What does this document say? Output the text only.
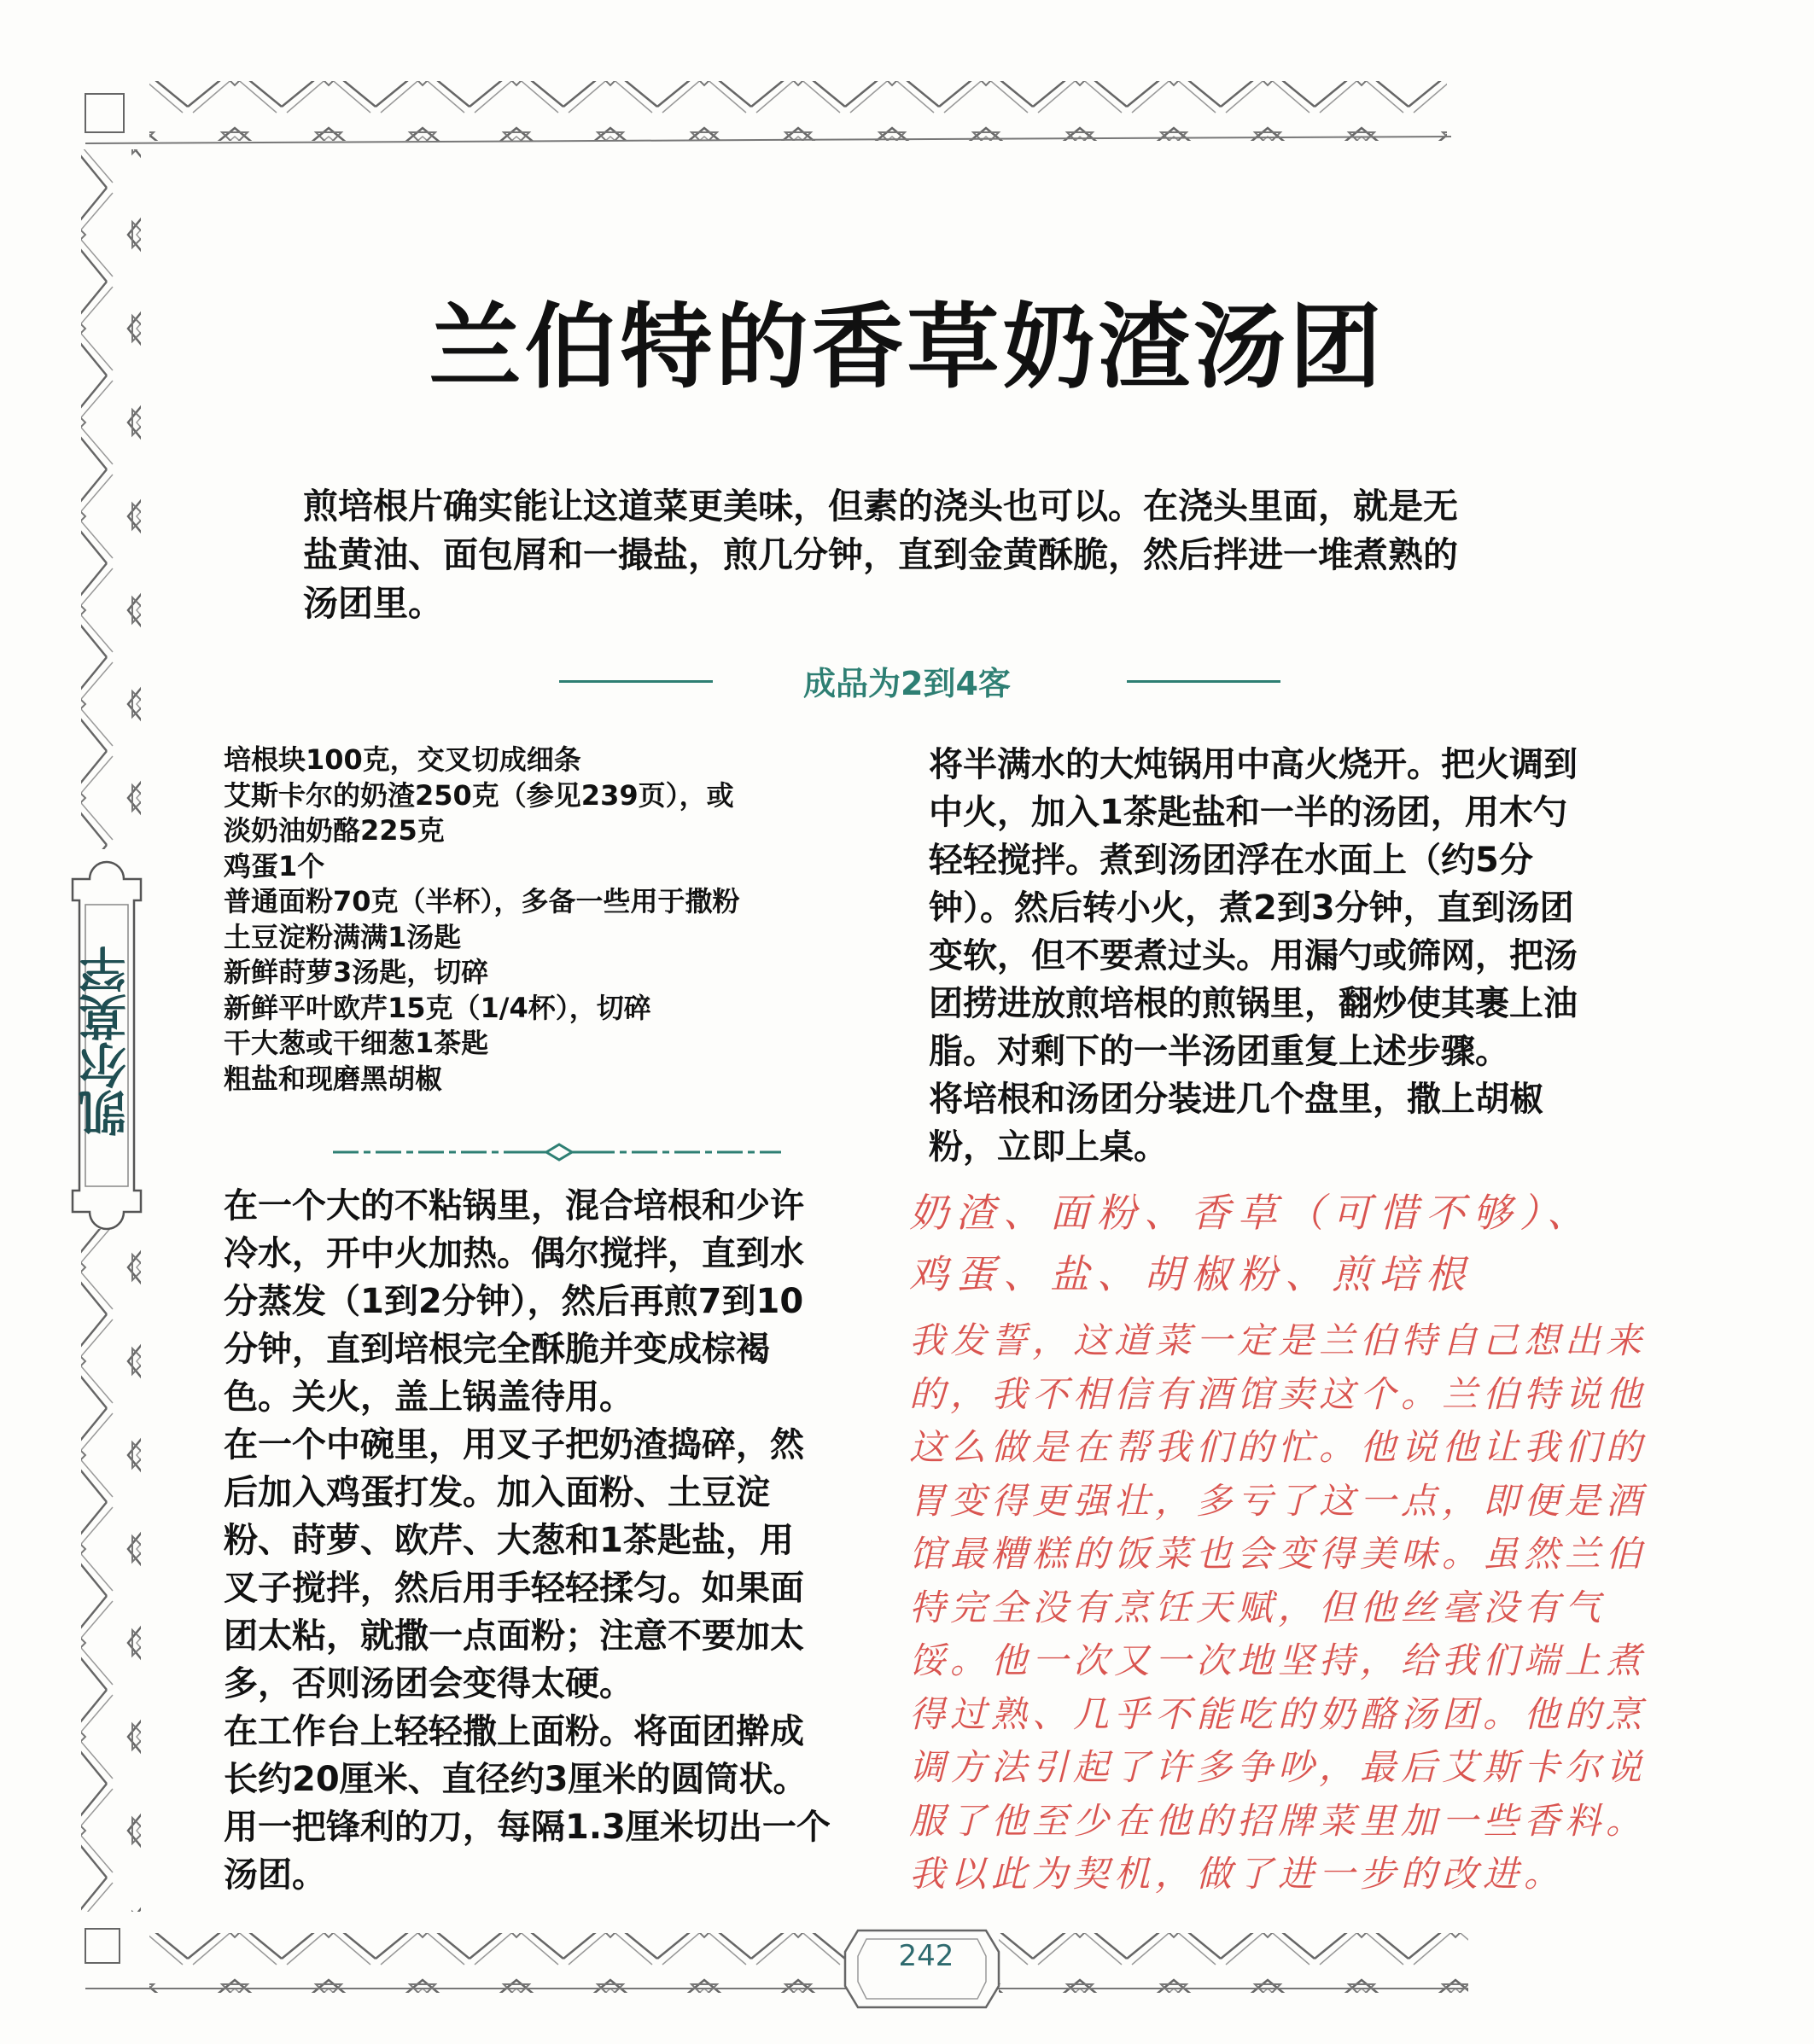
兰伯特的香草奶渣汤团
煎培根片确实能让这道菜更美味，但素的浇头也可以。在浇头里面，就是无
盐黄油、面包屑和一撮盐，煎几分钟，直到金黄酥脆，然后拌进一堆煮熟的
汤团里。
成品为2到4客
培根块100克，交叉切成细条
艾斯卡尔的奶渣250克（参见239页），或
淡奶油奶酪225克
鸡蛋1个
普通面粉70克（半杯），多备一些用于撒粉
土豆淀粉满满1汤匙
新鲜莳萝3汤匙，切碎
新鲜平叶欧芹15克（1/4杯），切碎
干大葱或干细葱1茶匙
粗盐和现磨黑胡椒
在一个大的不粘锅里，混合培根和少许
冷水，开中火加热。偶尔搅拌，直到水
分蒸发（1到2分钟），然后再煎7到10
分钟，直到培根完全酥脆并变成棕褐
色。关火，盖上锅盖待用。
在一个中碗里，用叉子把奶渣捣碎，然
后加入鸡蛋打发。加入面粉、土豆淀
粉、莳萝、欧芹、大葱和1茶匙盐，用
叉子搅拌，然后用手轻轻揉匀。如果面
团太粘，就撒一点面粉；注意不要加太
多，否则汤团会变得太硬。
在工作台上轻轻撒上面粉。将面团擀成
长约20厘米、直径约3厘米的圆筒状。
用一把锋利的刀，每隔1.3厘米切出一个
汤团。
将半满水的大炖锅用中高火烧开。把火调到
中火，加入1茶匙盐和一半的汤团，用木勺
轻轻搅拌。煮到汤团浮在水面上（约5分
钟）。然后转小火，煮2到3分钟，直到汤团
变软，但不要煮过头。用漏勺或筛网，把汤
团捞进放煎培根的煎锅里，翻炒使其裹上油
脂。对剩下的一半汤团重复上述步骤。
将培根和汤团分装进几个盘里，撒上胡椒
粉，立即上桌。
奶渣、面粉、香草（可惜不够）、
鸡蛋、盐、胡椒粉、煎培根
我发誓，这道菜一定是兰伯特自己想出来
的，我不相信有酒馆卖这个。兰伯特说他
这么做是在帮我们的忙。他说他让我们的
胃变得更强壮，多亏了这一点，即便是酒
馆最糟糕的饭菜也会变得美味。虽然兰伯
特完全没有烹饪天赋，但他丝毫没有气
馁。他一次又一次地坚持，给我们端上煮
得过熟、几乎不能吃的奶酪汤团。他的烹
调方法引起了许多争吵，最后艾斯卡尔说
服了他至少在他的招牌菜里加一些香料。
我以此为契机，做了进一步的改进。
凯尔莫罕
242
